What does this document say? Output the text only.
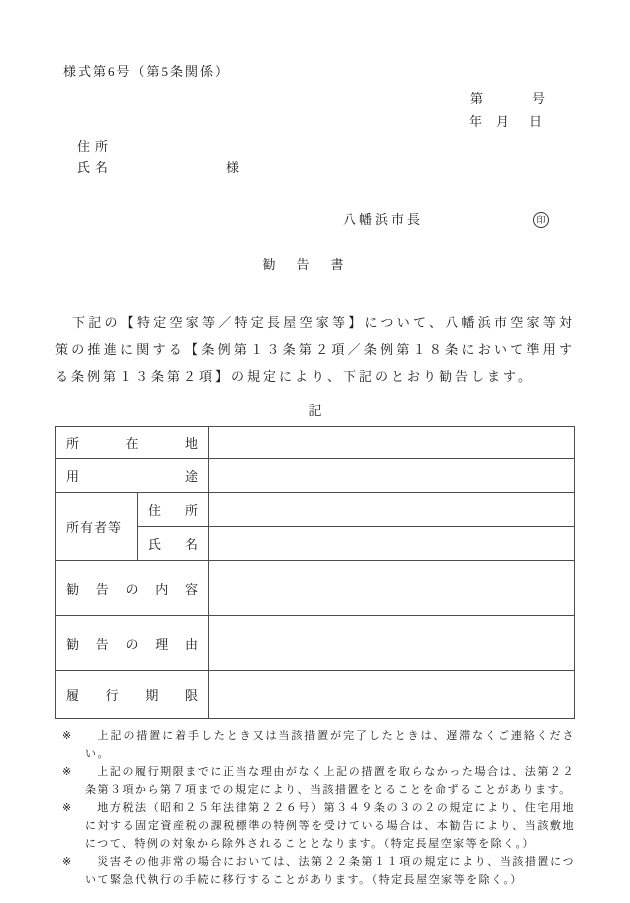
様式第6号（第5条関係）
第	号
年 月 日
住所
氏名	様
八幡浜市長	印
勧　告　書

下記の【特定空家等／特定長屋空家等】について、八幡浜市空家等対策の推進に関する【条例第１３条第２項／条例第１８条において準用する条例第１３条第２項】の規定により、下記のとおり勧告します。

記
所　在　地		
用　途		
所有者等	住　所	
	氏　名	
勧　告　の　内　容		
勧　告　の　理　由		
履　行　期　限		
※ 上記の措置に着手したとき又は当該措置が完了したときは、遅滞なくご連絡ください。
※ 上記の履行期限までに正当な理由がなく上記の措置を取らなかった場合は、法第２２条第３項から第７項までの規定により、当該措置をとることを命ずることがあります。
※ 地方税法（昭和２５年法律第２２６号）第３４９条の３の２の規定により、住宅用地に対する固定資産税の課税標準の特例等を受けている場合は、本勧告により、当該敷地につて、特例の対象から除外されることとなります。（特定長屋空家等を除く。）
※ 災害その他非常の場合においては、法第２２条第１１項の規定により、当該措置について緊急代執行の手続に移行することがあります。（特定長屋空家等を除く。）
